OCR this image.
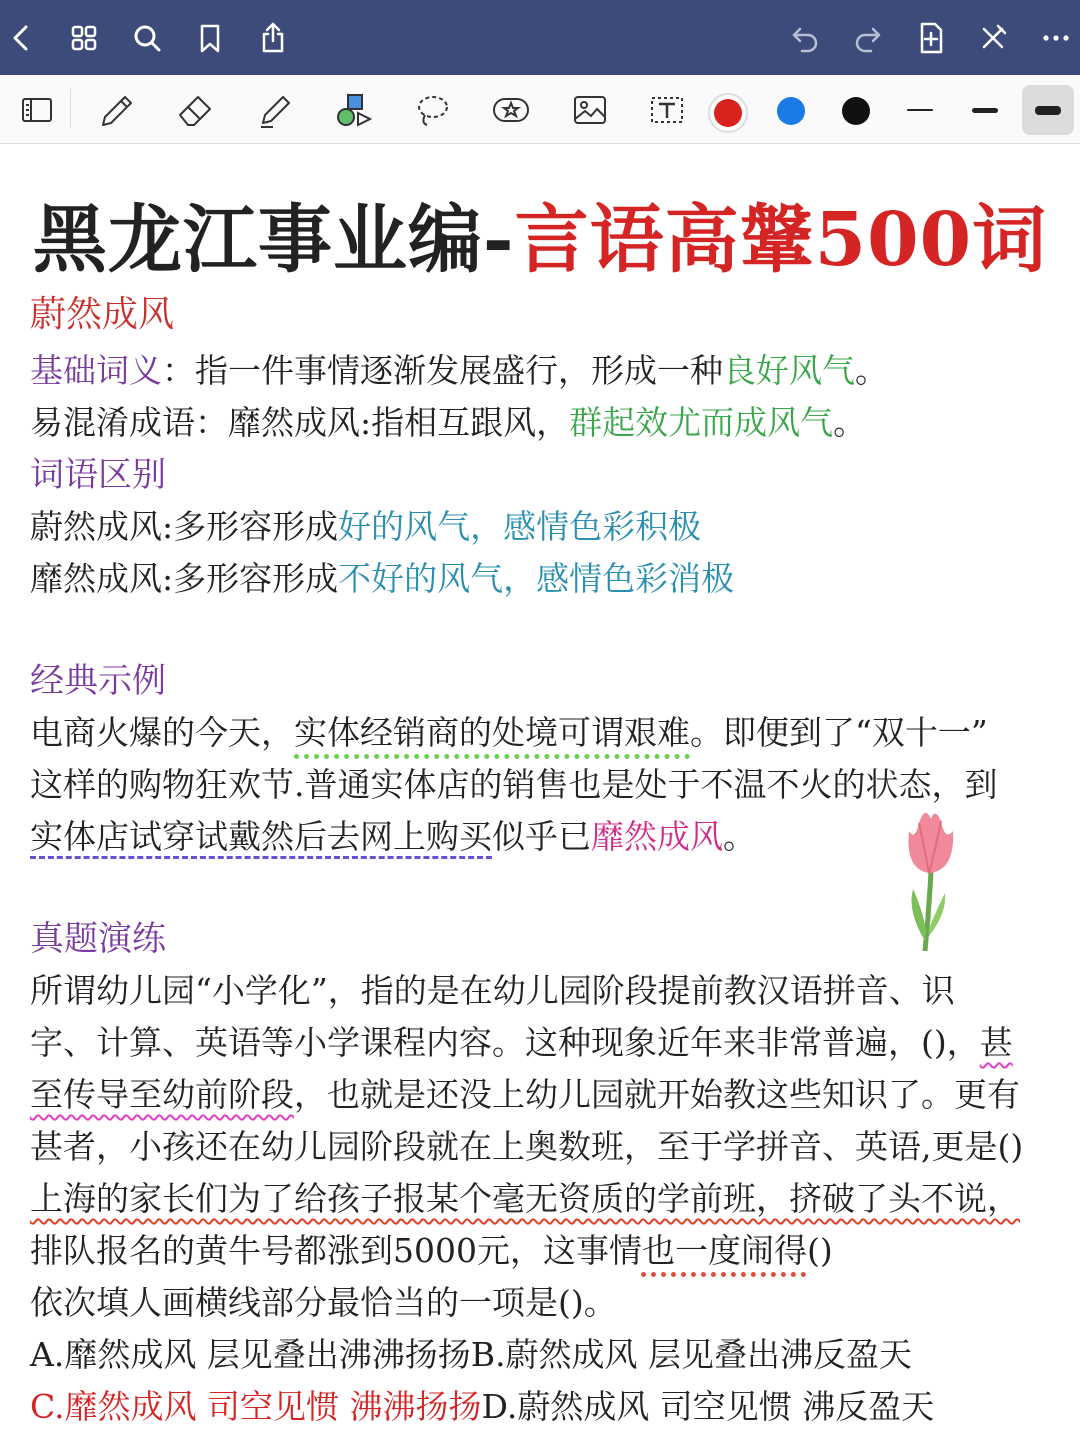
黑龙江事业编-言语高鞶500词
蔚然成风
基础词义：指一件事情逐渐发展盛行，形成一种良好风气。
易混淆成语：靡然成风:指相互跟风，群起效尤而成风气。
词语区别
蔚然成风:多形容形成好的风气，感情色彩积极
靡然成风:多形容形成不好的风气，感情色彩消极
经典示例
电商火爆的今天，实体经销商的处境可谓艰难。即便到了“双十一”
这样的购物狂欢节.普通实体店的销售也是处于不温不火的状态，到
实体店试穿试戴然后去网上购买似乎已靡然成风。
真题演练
所谓幼儿园“小学化”，指的是在幼儿园阶段提前教汉语拼音、识
字、计算、英语等小学课程内容。这种现象近年来非常普遍，()，甚
至传导至幼前阶段，也就是还没上幼儿园就开始教这些知识了。更有
甚者，小孩还在幼儿园阶段就在上奥数班，至于学拼音、英语,更是()
上海的家长们为了给孩子报某个毫无资质的学前班，挤破了头不说，
排队报名的黄牛号都涨到5000元，这事情也一度闹得()
依次填人画横线部分最恰当的一项是()。
A.靡然成风 层见叠出沸沸扬扬B.蔚然成风 层见叠出沸反盈天
C.靡然成风 司空见惯 沸沸扬扬D.蔚然成风 司空见惯 沸反盈天
